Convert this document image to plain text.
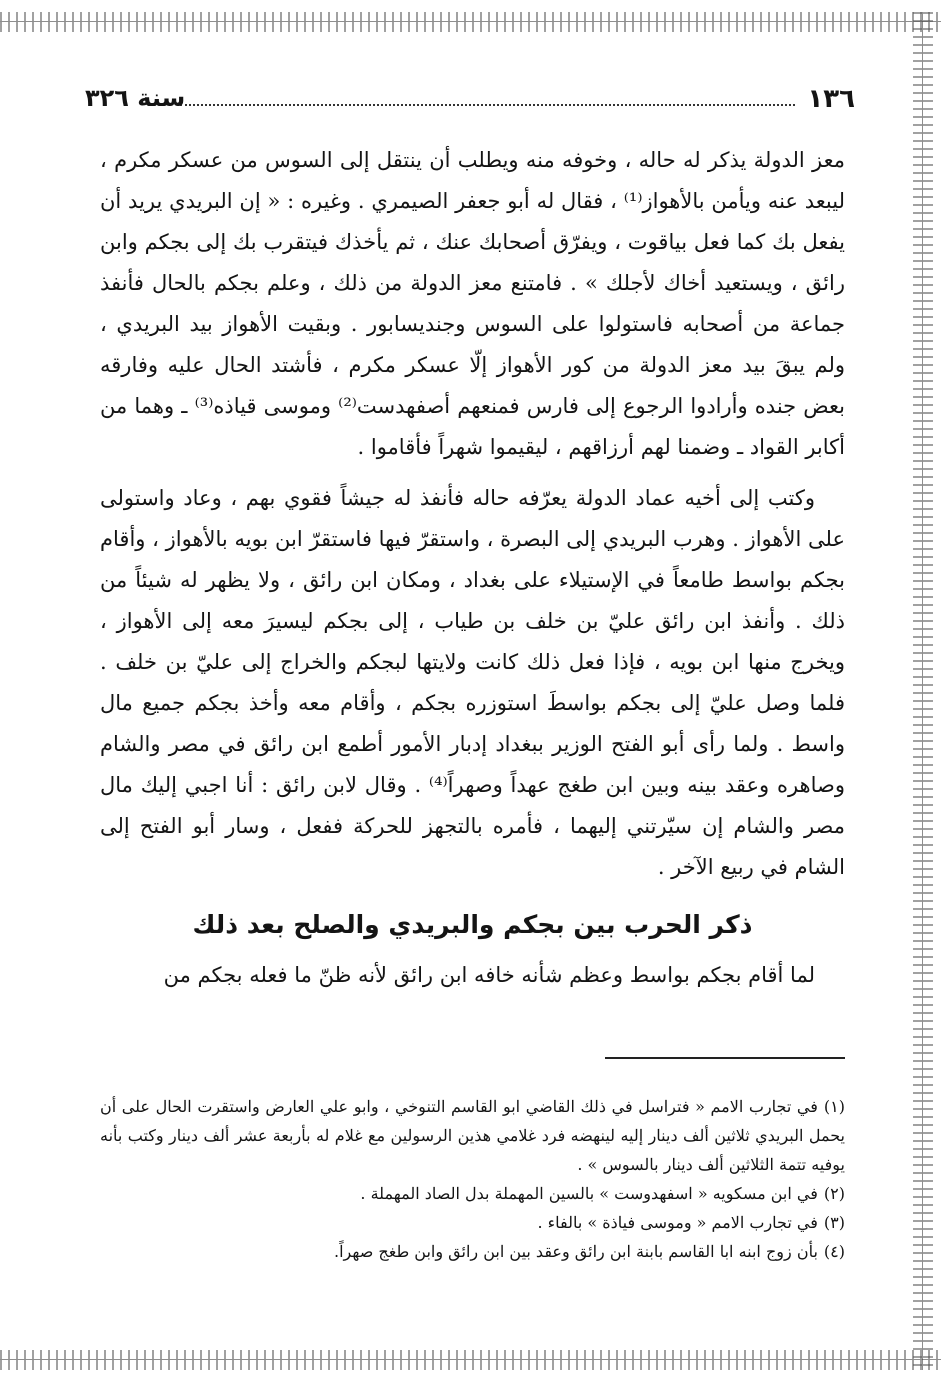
١٣٦
سنة ٣٢٦

معز الدولة يذكر له حاله ، وخوفه منه ويطلب أن ينتقل إلى السوس من عسكر مكرم ، ليبعد عنه ويأمن بالأهواز⁽¹⁾ ، فقال له أبو جعفر الصيمري . وغيره : « إن البريدي يريد أن يفعل بك كما فعل بياقوت ، ويفرّق أصحابك عنك ، ثم يأخذك فيتقرب بك إلى بجكم وابن رائق ، ويستعيد أخاك لأجلك » . فامتنع معز الدولة من ذلك ، وعلم بجكم بالحال فأنفذ جماعة من أصحابه فاستولوا على السوس وجنديسابور . وبقيت الأهواز بيد البريدي ، ولم يبقَ بيد معز الدولة من كور الأهواز إلّا عسكر مكرم ، فأشتد الحال عليه وفارقه بعض جنده وأرادوا الرجوع إلى فارس فمنعهم أصفهدست⁽²⁾ وموسى قياذه⁽³⁾ ـ وهما من أكابر القواد ـ وضمنا لهم أرزاقهم ، ليقيموا شهراً فأقاموا .

وكتب إلى أخيه عماد الدولة يعرّفه حاله فأنفذ له جيشاً فقوي بهم ، وعاد واستولى على الأهواز . وهرب البريدي إلى البصرة ، واستقرّ فيها فاستقرّ ابن بويه بالأهواز ، وأقام بجكم بواسط طامعاً في الإستيلاء على بغداد ، ومكان ابن رائق ، ولا يظهر له شيئاً من ذلك . وأنفذ ابن رائق عليّ بن خلف بن طياب ، إلى بجكم ليسيرَ معه إلى الأهواز ، ويخرج منها ابن بويه ، فإذا فعل ذلك كانت ولايتها لبجكم والخراج إلى عليّ بن خلف . فلما وصل عليّ إلى بجكم بواسطَ استوزره بجكم ، وأقام معه وأخذ بجكم جميع مال واسط . ولما رأى أبو الفتح الوزير ببغداد إدبار الأمور أطمع ابن رائق في مصر والشام وصاهره وعقد بينه وبين ابن طغج عهداً وصهراً⁽⁴⁾ . وقال لابن رائق : أنا اجبي إليك مال مصر والشام إن سيّرتني إليهما ، فأمره بالتجهز للحركة ففعل ، وسار أبو الفتح إلى الشام في ربيع الآخر .

ذكر الحرب بين بجكم والبريدي والصلح بعد ذلك

لما أقام بجكم بواسط وعظم شأنه خافه ابن رائق لأنه ظنّ ما فعله بجكم من

(١)في تجارب الامم « فتراسل في ذلك القاضي ابو القاسم التنوخي ، وابو علي العارض واستقرت الحال على أن يحمل البريدي ثلاثين ألف دينار إليه لينهضه فرد غلامي هذين الرسولين مع غلام له بأربعة عشر ألف دينار وكتب بأنه يوفيه تتمة الثلاثين ألف دينار بالسوس » .

(٢)في ابن مسكويه « اسفهدوست » بالسين المهملة بدل الصاد المهملة .

(٣)في تجارب الامم « وموسى فياذة » بالفاء .

(٤)بأن زوج ابنه ابا القاسم بابنة ابن رائق وعقد بين ابن رائق وابن طغج صهراً.
